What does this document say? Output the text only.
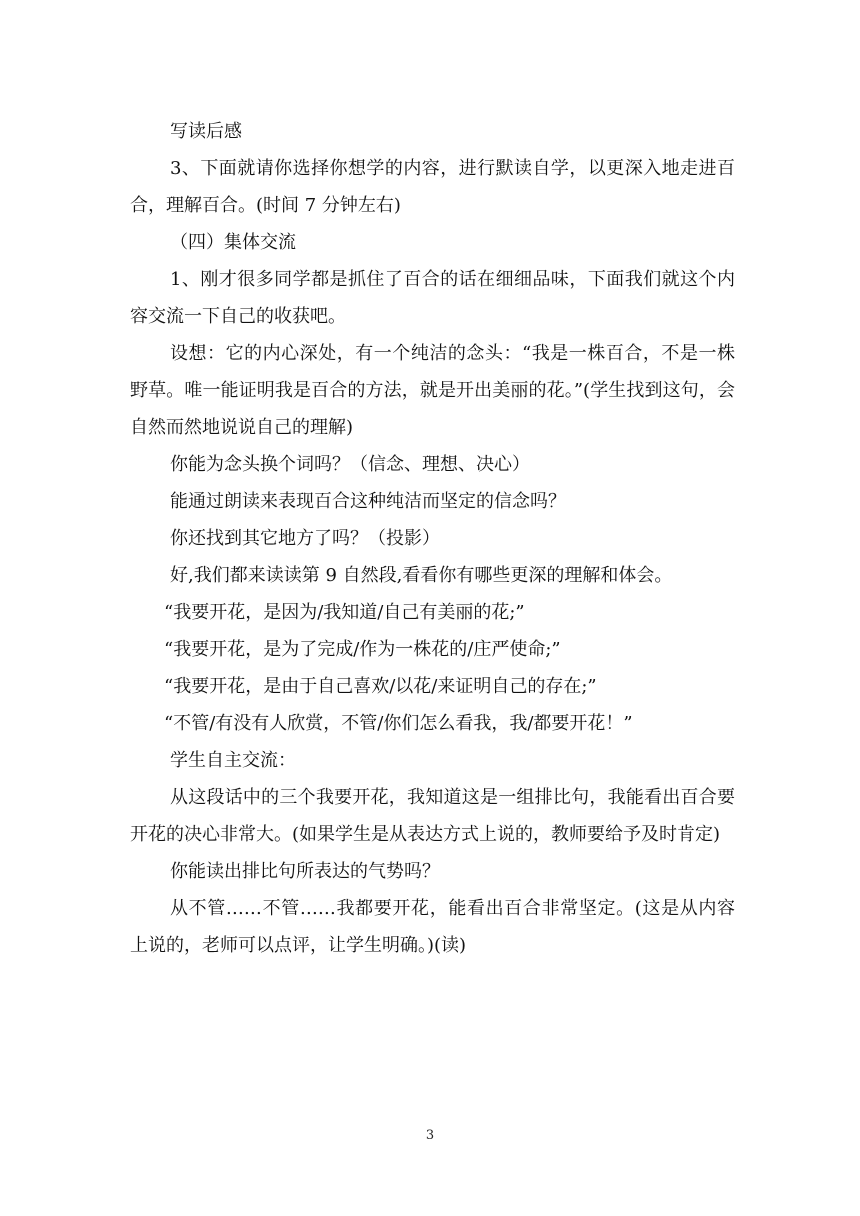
写读后感

3、下面就请你选择你想学的内容，进行默读自学，以更深入地走进百合，理解百合。(时间 7 分钟左右)

（四）集体交流

1、刚才很多同学都是抓住了百合的话在细细品味，下面我们就这个内容交流一下自己的收获吧。

设想：它的内心深处，有一个纯洁的念头：“我是一株百合，不是一株野草。唯一能证明我是百合的方法，就是开出美丽的花。”(学生找到这句，会自然而然地说说自己的理解)

你能为念头换个词吗？（信念、理想、决心）

能通过朗读来表现百合这种纯洁而坚定的信念吗？

你还找到其它地方了吗？（投影）

好,我们都来读读第 9 自然段,看看你有哪些更深的理解和体会。

“我要开花，是因为/我知道/自己有美丽的花;”

“我要开花，是为了完成/作为一株花的/庄严使命;”

“我要开花，是由于自己喜欢/以花/来证明自己的存在;”

“不管/有没有人欣赏，不管/你们怎么看我，我/都要开花！”

学生自主交流：

从这段话中的三个我要开花，我知道这是一组排比句，我能看出百合要开花的决心非常大。(如果学生是从表达方式上说的，教师要给予及时肯定)

你能读出排比句所表达的气势吗？

从不管……不管……我都要开花，能看出百合非常坚定。(这是从内容上说的，老师可以点评，让学生明确。)(读)

3
